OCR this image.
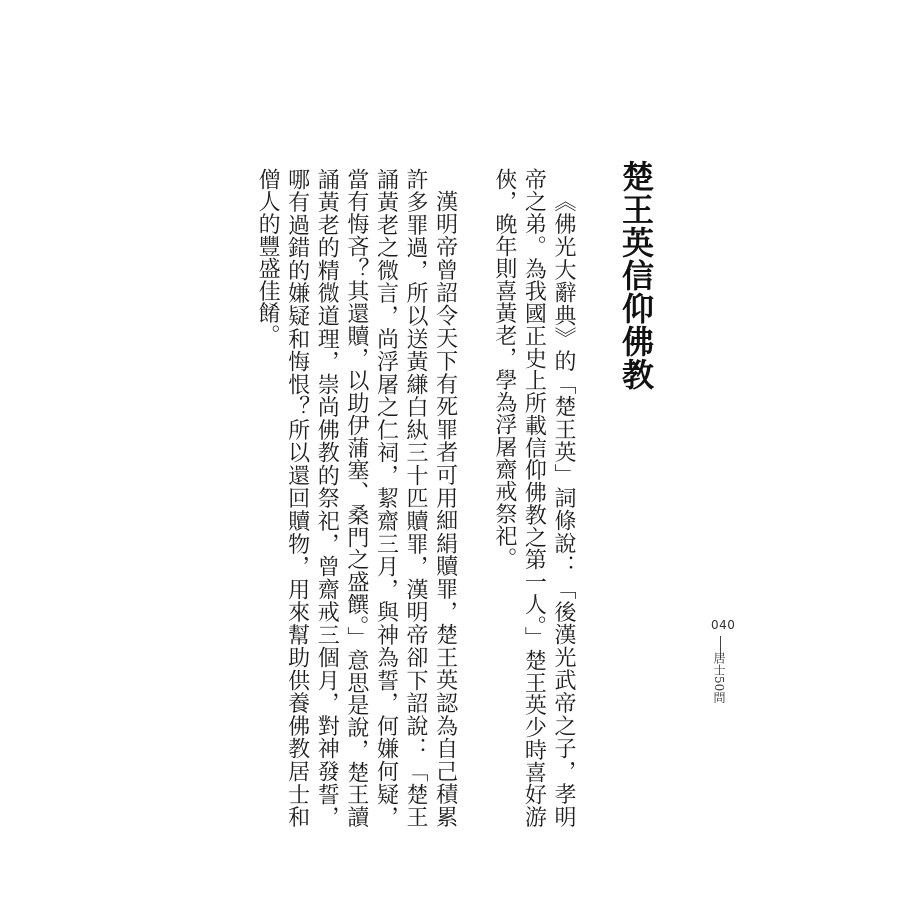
楚王英信仰佛教

《佛光大辭典》的「楚王英」詞條說：「後漢光武帝之子，孝明帝之弟。為我國正史上所載信仰佛教之第一人。」楚王英少時喜好游俠，晚年則喜黃老，學為浮屠齋戒祭祀。

漢明帝曾詔令天下有死罪者可用細絹贖罪，楚王英認為自己積累許多罪過，所以送黃縑白紈三十匹贖罪，漢明帝卻下詔說：「楚王誦黃老之微言，尚浮屠之仁祠，絜齋三月，與神為誓，何嫌何疑，當有悔吝？其還贖，以助伊蒲塞、桑門之盛饌。」意思是說，楚王讀誦黃老的精微道理，崇尚佛教的祭祀，曾齋戒三個月，對神發誓，哪有過錯的嫌疑和悔恨？所以還回贖物，用來幫助供養佛教居士和僧人的豐盛佳餚。

040
居士50問
